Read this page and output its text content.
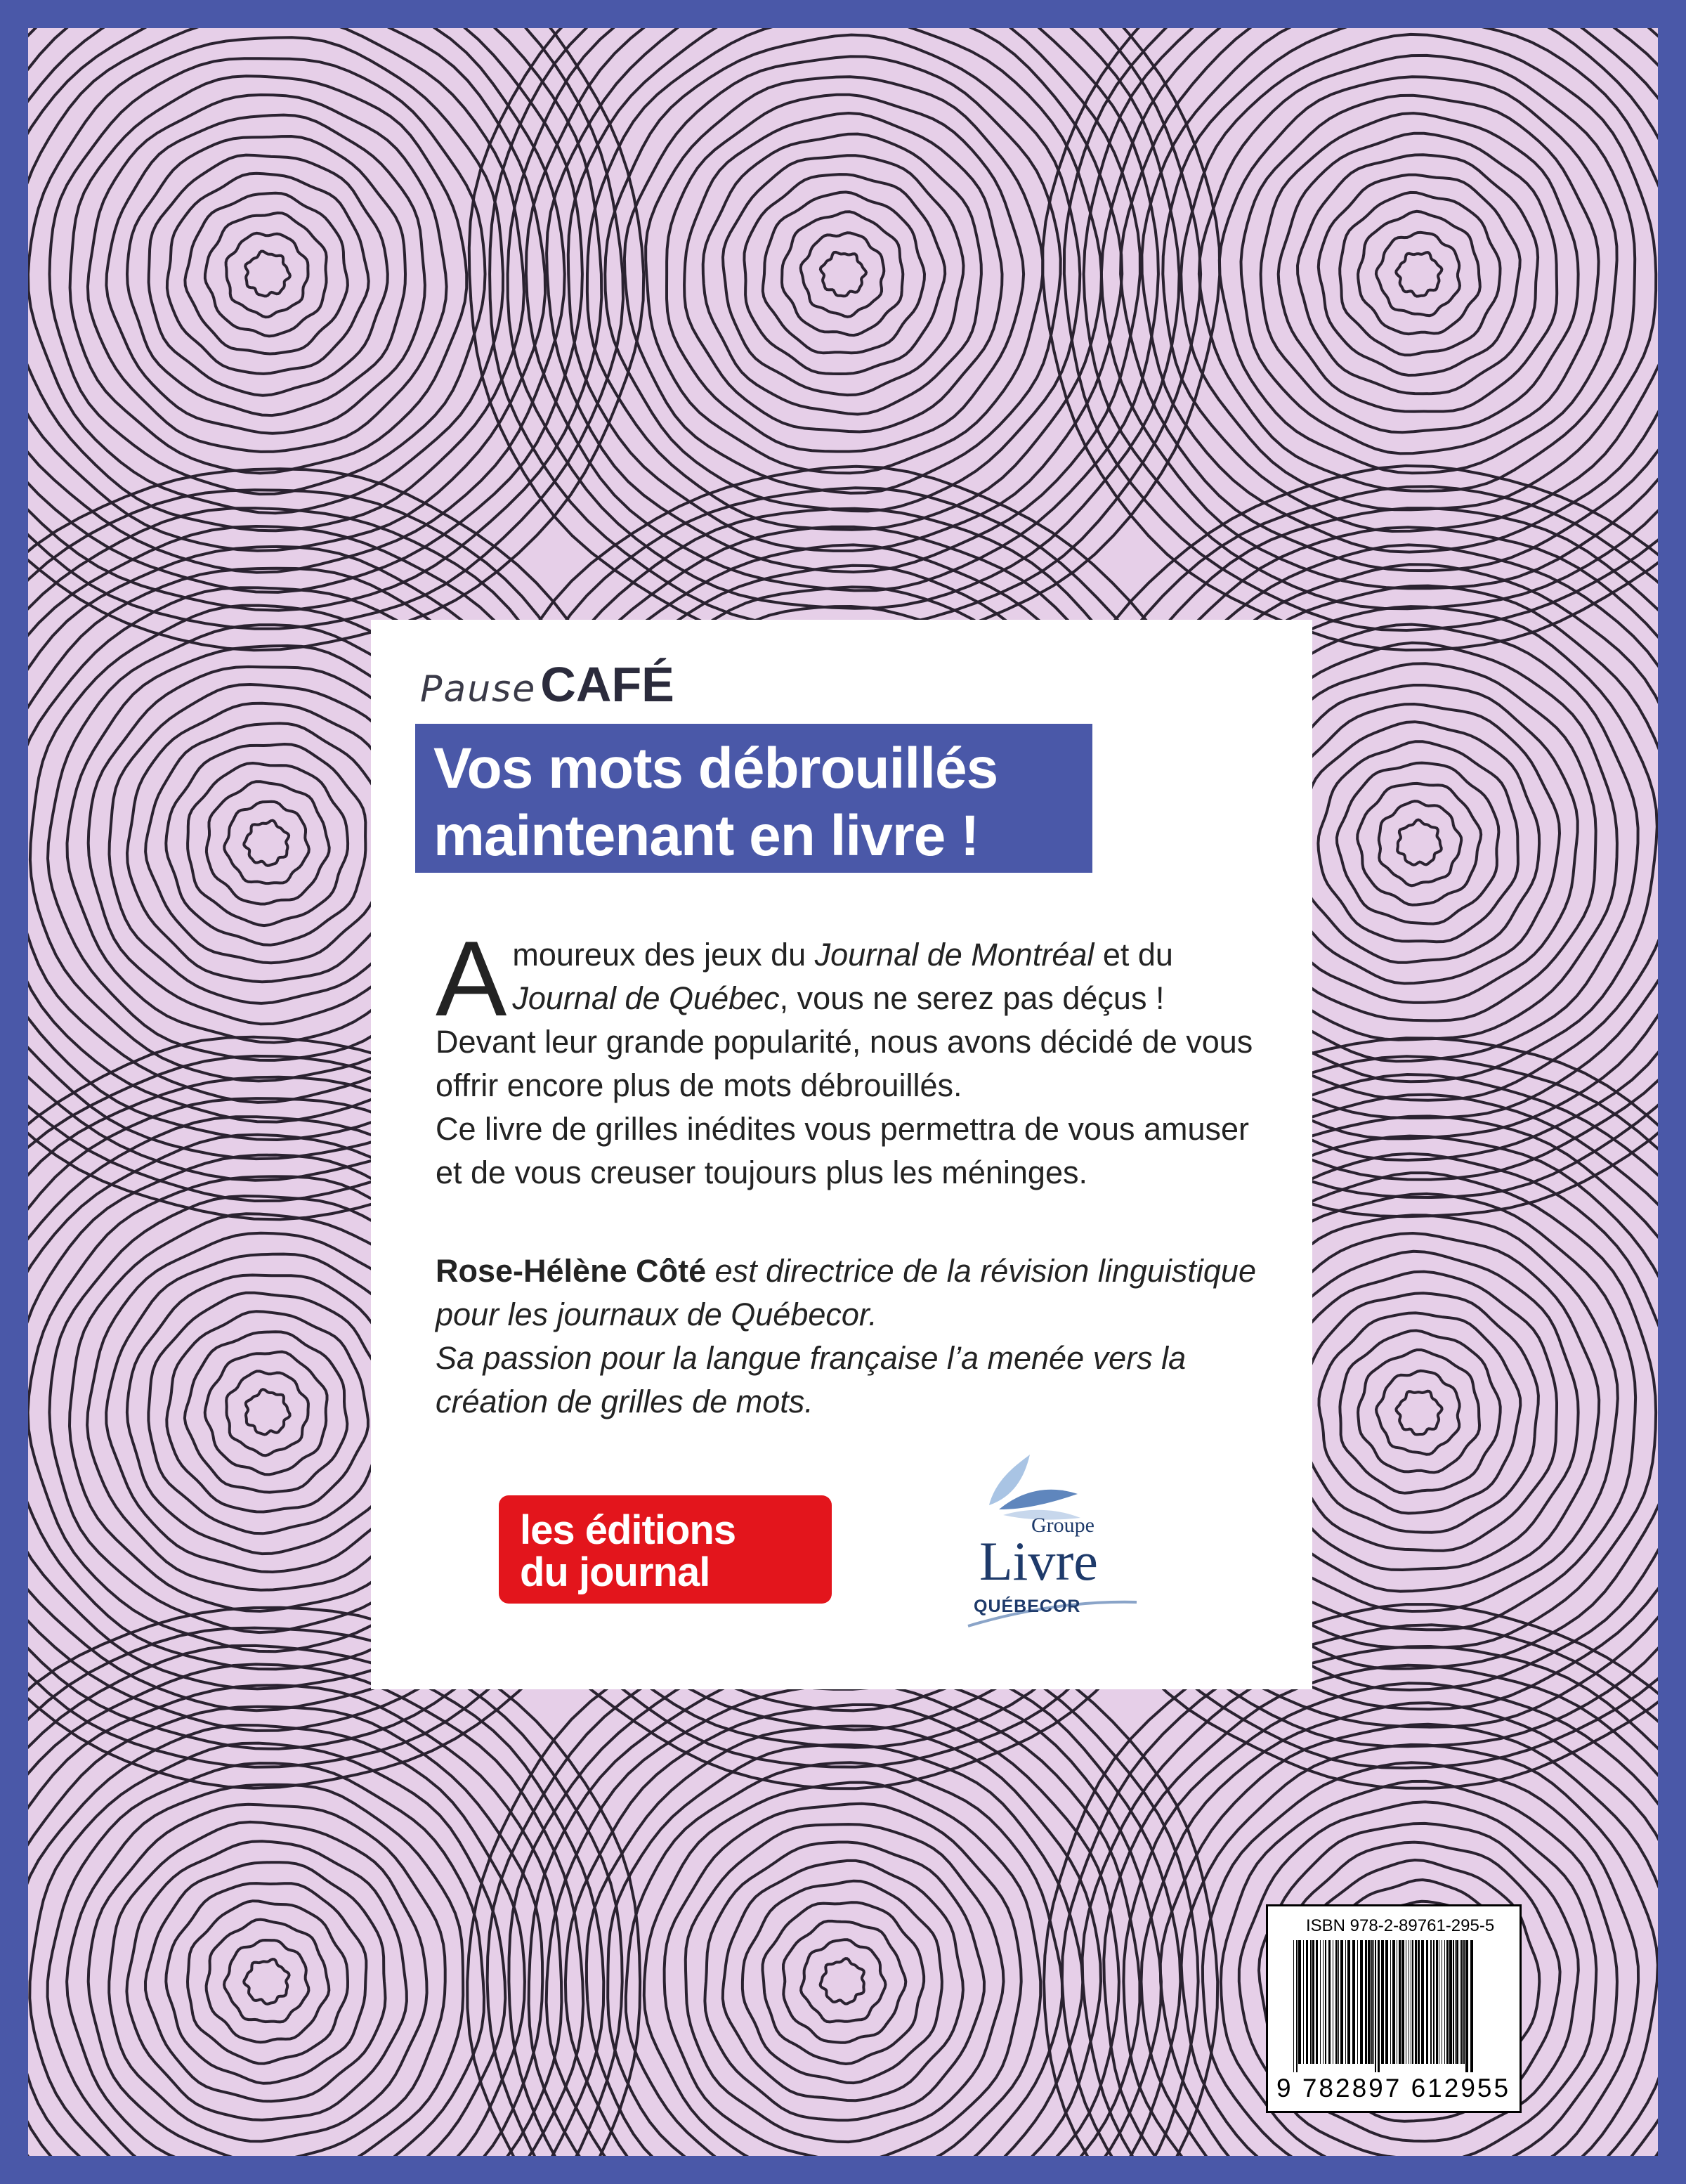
Pause CAFÉ
Vos mots débrouillés
maintenant en livre !

Amoureux des jeux du Journal de Montréal et du Journal de Québec, vous ne serez pas déçus ! Devant leur grande popularité, nous avons décidé de vous offrir encore plus de mots débrouillés.

Ce livre de grilles inédites vous permettra de vous amuser et de vous creuser toujours plus les méninges.

Rose-Hélène Côté est directrice de la révision linguistique pour les journaux de Québecor.

Sa passion pour la langue française l’a menée vers la création de grilles de mots.

les éditions
du journal
Groupe
Livre
QUÉBECOR
ISBN 978-2-89761-295-5
9 782897 612955
